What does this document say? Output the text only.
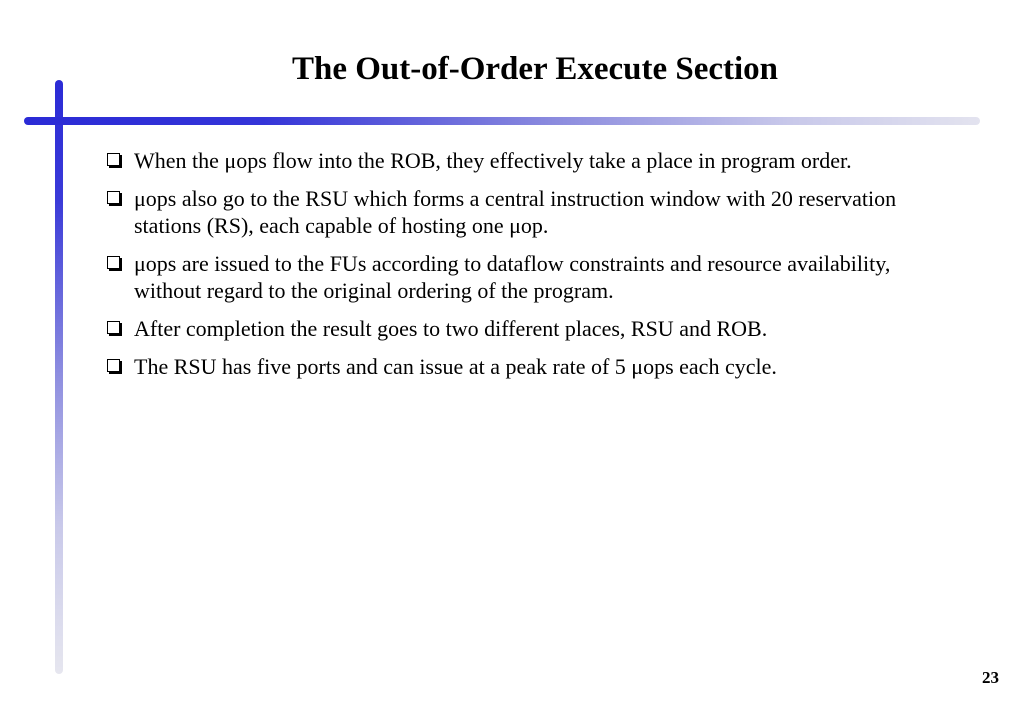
The Out-of-Order Execute Section
When the μops flow into the ROB, they effectively take a place in program order.
μops also go to the RSU which forms a central instruction window with 20 reservation stations (RS), each capable of hosting one μop.
μops are issued to the FUs according to dataflow constraints and resource availability, without regard to the original ordering of the program.
After completion the result goes to two different places, RSU and ROB.
The RSU has five ports and can issue at a peak rate of 5 μops each cycle.
23
